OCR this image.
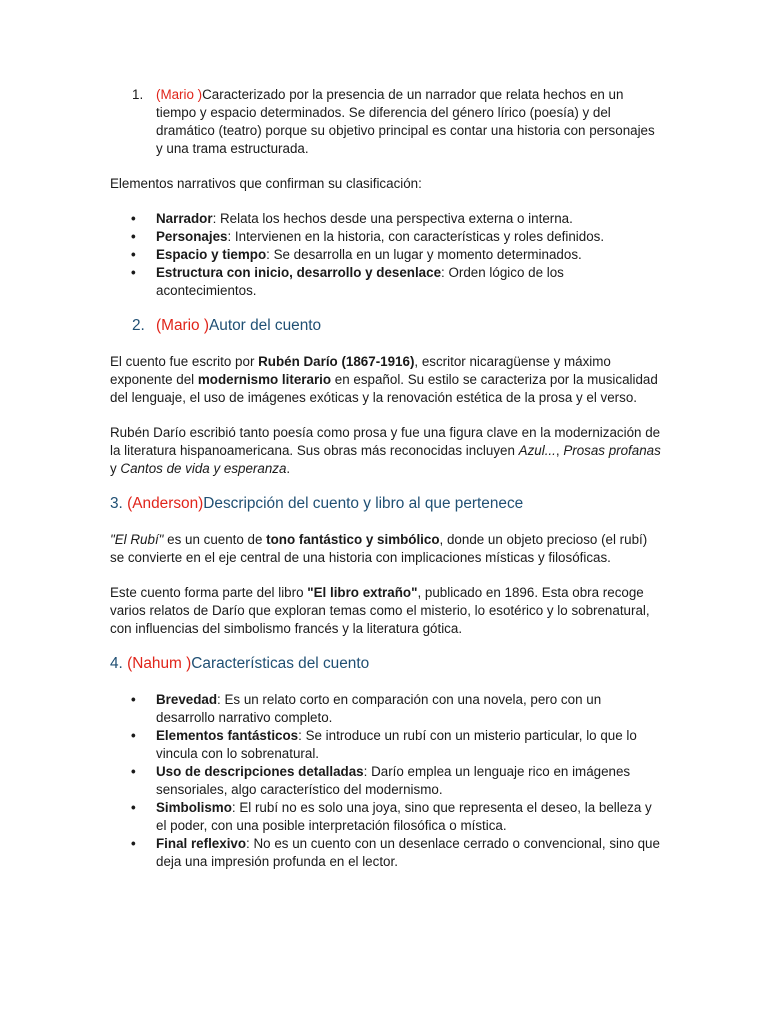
1. (Mario )Caracterizado por la presencia de un narrador que relata hechos en un tiempo y espacio determinados. Se diferencia del género lírico (poesía) y del dramático (teatro) porque su objetivo principal es contar una historia con personajes y una trama estructurada.

Elementos narrativos que confirman su clasificación:

• Narrador: Relata los hechos desde una perspectiva externa o interna.
• Personajes: Intervienen en la historia, con características y roles definidos.
• Espacio y tiempo: Se desarrolla en un lugar y momento determinados.
• Estructura con inicio, desarrollo y desenlace: Orden lógico de los acontecimientos.
2. (Mario )Autor del cuento

El cuento fue escrito por Rubén Darío (1867-1916), escritor nicaragüense y máximo exponente del modernismo literario en español. Su estilo se caracteriza por la musicalidad del lenguaje, el uso de imágenes exóticas y la renovación estética de la prosa y el verso.

Rubén Darío escribió tanto poesía como prosa y fue una figura clave en la modernización de la literatura hispanoamericana. Sus obras más reconocidas incluyen Azul..., Prosas profanas y Cantos de vida y esperanza.

3. (Anderson)Descripción del cuento y libro al que pertenece

"El Rubí" es un cuento de tono fantástico y simbólico, donde un objeto precioso (el rubí) se convierte en el eje central de una historia con implicaciones místicas y filosóficas.

Este cuento forma parte del libro "El libro extraño", publicado en 1896. Esta obra recoge varios relatos de Darío que exploran temas como el misterio, lo esotérico y lo sobrenatural, con influencias del simbolismo francés y la literatura gótica.

4. (Nahum )Características del cuento

• Brevedad: Es un relato corto en comparación con una novela, pero con un desarrollo narrativo completo.
• Elementos fantásticos: Se introduce un rubí con un misterio particular, lo que lo vincula con lo sobrenatural.
• Uso de descripciones detalladas: Darío emplea un lenguaje rico en imágenes sensoriales, algo característico del modernismo.
• Simbolismo: El rubí no es solo una joya, sino que representa el deseo, la belleza y el poder, con una posible interpretación filosófica o mística.
• Final reflexivo: No es un cuento con un desenlace cerrado o convencional, sino que deja una impresión profunda en el lector.
